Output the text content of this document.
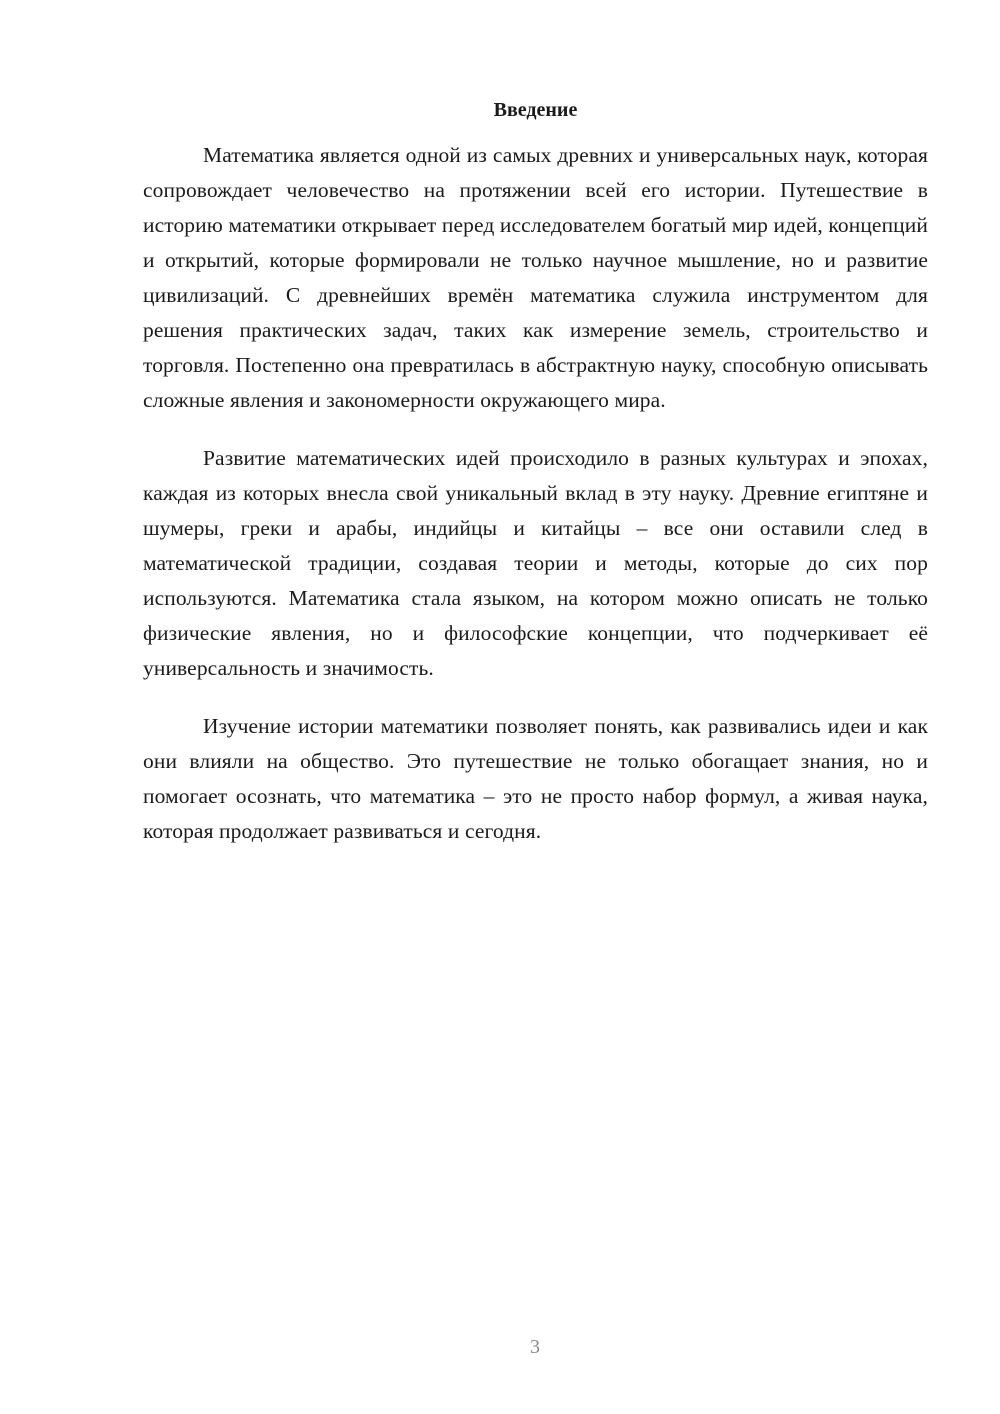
Введение

Математика является одной из самых древних и универсальных наук, которая сопровождает человечество на протяжении всей его истории. Путешествие в историю математики открывает перед исследователем богатый мир идей, концепций и открытий, которые формировали не только научное мышление, но и развитие цивилизаций. С древнейших времён математика служила инструментом для решения практических задач, таких как измерение земель, строительство и торговля. Постепенно она превратилась в абстрактную науку, способную описывать сложные явления и закономерности окружающего мира.

Развитие математических идей происходило в разных культурах и эпохах, каждая из которых внесла свой уникальный вклад в эту науку. Древние египтяне и шумеры, греки и арабы, индийцы и китайцы – все они оставили след в математической традиции, создавая теории и методы, которые до сих пор используются. Математика стала языком, на котором можно описать не только физические явления, но и философские концепции, что подчеркивает её универсальность и значимость.

Изучение истории математики позволяет понять, как развивались идеи и как они влияли на общество. Это путешествие не только обогащает знания, но и помогает осознать, что математика – это не просто набор формул, а живая наука, которая продолжает развиваться и сегодня.

3
